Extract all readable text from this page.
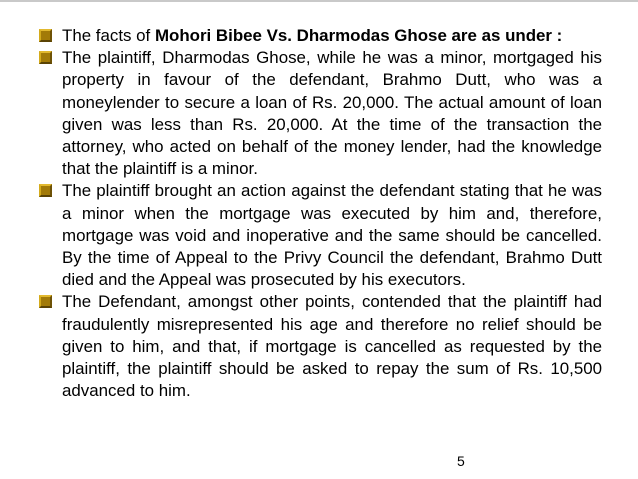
The facts of Mohori Bibee Vs. Dharmodas Ghose are as under :
The plaintiff, Dharmodas Ghose, while he was a minor, mortgaged his property in favour of the defendant, Brahmo Dutt, who was a moneylender to secure a loan of Rs. 20,000. The actual amount of loan given was less than Rs. 20,000. At the time of the transaction the attorney, who acted on behalf of the money lender, had the knowledge that the plaintiff is a minor.
The plaintiff brought an action against the defendant stating that he was a minor when the mortgage was executed by him and, therefore, mortgage was void and inoperative and the same should be cancelled. By the time of Appeal to the Privy Council the defendant, Brahmo Dutt died and the Appeal was prosecuted by his executors.
The Defendant, amongst other points, contended that the plaintiff had fraudulently misrepresented his age and therefore no relief should be given to him, and that, if mortgage is cancelled as requested by the plaintiff, the plaintiff should be asked to repay the sum of Rs. 10,500 advanced to him.
5
